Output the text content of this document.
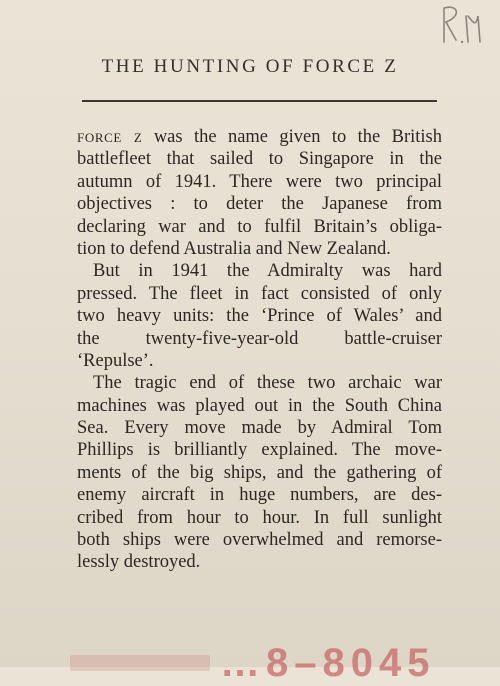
THE HUNTING OF FORCE Z
force z was the name given to the British
battlefleet that sailed to Singapore in the
autumn of 1941. There were two principal
objectives : to deter the Japanese from
declaring war and to fulfil Britain’s obliga-
tion to defend Australia and New Zealand.
But in 1941 the Admiralty was hard
pressed. The fleet in fact consisted of only
two heavy units: the ‘Prince of Wales’ and
the twenty-five-year-old battle-cruiser
‘Repulse’.
The tragic end of these two archaic war
machines was played out in the South China
Sea. Every move made by Admiral Tom
Phillips is brilliantly explained. The move-
ments of the big ships, and the gathering of
enemy aircraft in huge numbers, are des-
cribed from hour to hour. In full sunlight
both ships were overwhelmed and remorse-
lessly destroyed.
…8–8045
